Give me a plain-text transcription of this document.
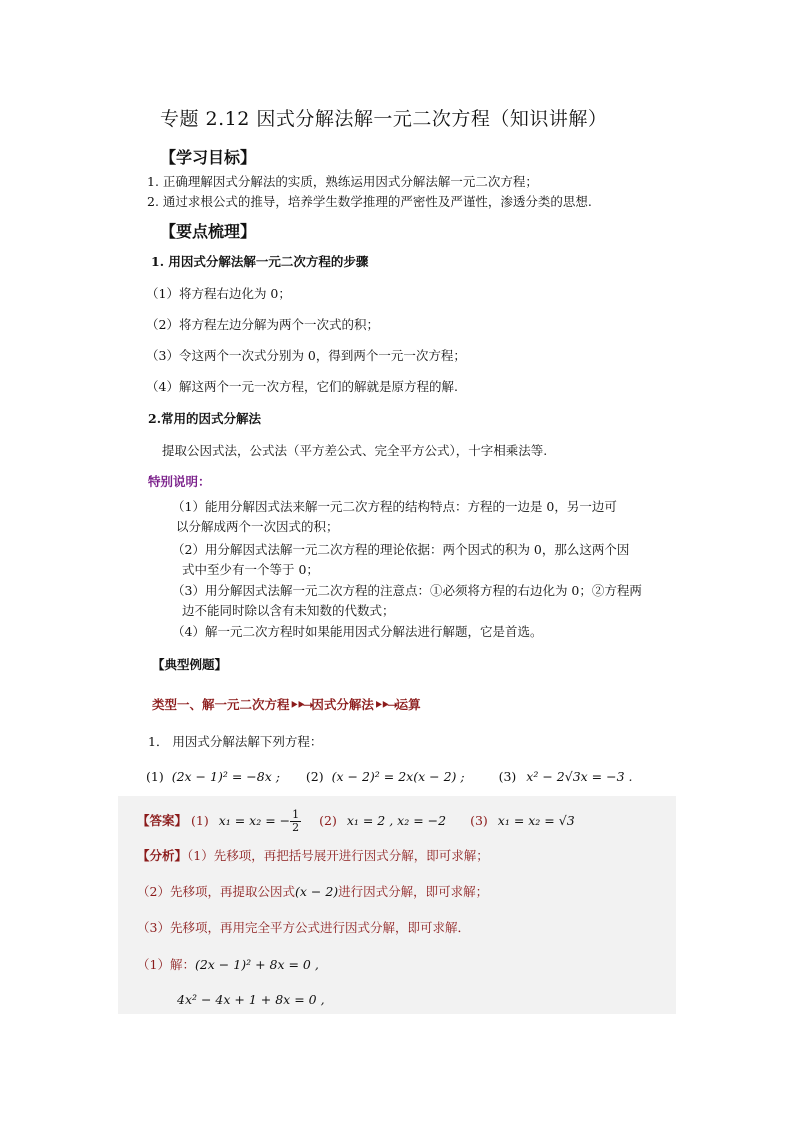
专题 2.12 因式分解法解一元二次方程（知识讲解）
【学习目标】
1. 正确理解因式分解法的实质，熟练运用因式分解法解一元二次方程；
2. 通过求根公式的推导，培养学生数学推理的严密性及严谨性，渗透分类的思想.
【要点梳理】
1. 用因式分解法解一元二次方程的步骤
（1）将方程右边化为 0；
（2）将方程左边分解为两个一次式的积；
（3）令这两个一次式分别为 0，得到两个一元一次方程；
（4）解这两个一元一次方程，它们的解就是原方程的解.
2.常用的因式分解法
提取公因式法，公式法（平方差公式、完全平方公式），十字相乘法等.
特别说明：
（1）能用分解因式法来解一元二次方程的结构特点：方程的一边是 0，另一边可
以分解成两个一次因式的积；
（2）用分解因式法解一元二次方程的理论依据：两个因式的积为 0，那么这两个因
式中至少有一个等于 0；
（3）用分解因式法解一元二次方程的注意点：①必须将方程的右边化为 0；②方程两
边不能同时除以含有未知数的代数式；
（4）解一元二次方程时如果能用因式分解法进行解题，它是首选。
【典型例题】
类型一、解一元二次方程⯈⯈➝因式分解法⯈⯈➝运算
1． 用因式分解法解下列方程：
(1) (2x − 1)² = −8x ; (2) (x − 2)² = 2x(x − 2) ;	(3) x² − 2√3x = −3 .
【答案】 (1) x₁ = x₂ = − $\frac{1}{2} (2) x_1 = 2$ , x₂ = −2 (3) x₁ = x₂ = √3
【分析】（1）先移项，再把括号展开进行因式分解，即可求解；
（2）先移项，再提取公因式(x − 2)进行因式分解，即可求解；
（3）先移项，再用完全平方公式进行因式分解，即可求解．
（1）解：(2x − 1)² + 8x = 0 ,
4x² − 4x + 1 + 8x = 0 ,
